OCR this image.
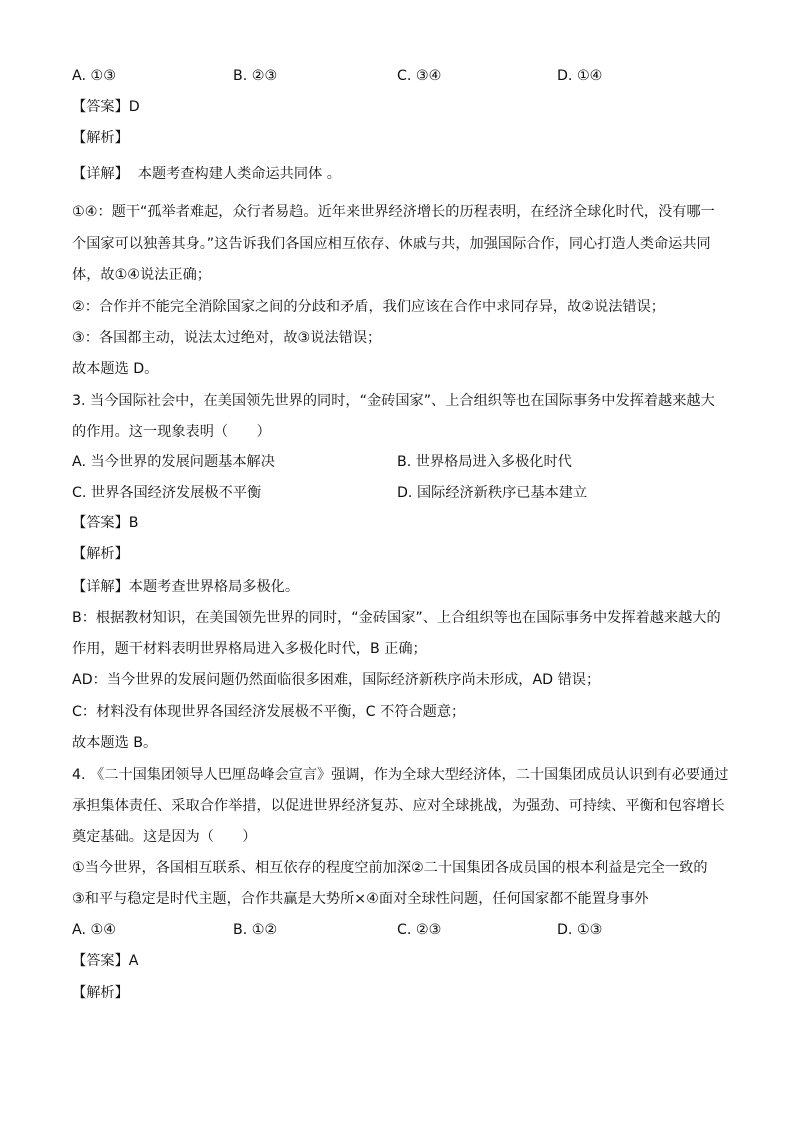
A. ①③	B. ②③	C. ③④	D. ①④
【答案】D
【解析】
【详解】 本题考查构建人类命运共同体 。
①④：题干“孤举者难起，众行者易趋。近年来世界经济增长的历程表明，在经济全球化时代，没有哪一
个国家可以独善其身。”这告诉我们各国应相互依存、休戚与共，加强国际合作，同心打造人类命运共同
体，故①④说法正确；
②：合作并不能完全消除国家之间的分歧和矛盾，我们应该在合作中求同存异，故②说法错误；
③：各国都主动，说法太过绝对，故③说法错误；
故本题选 D。
3. 当今国际社会中，在美国领先世界的同时，“金砖国家”、上合组织等也在国际事务中发挥着越来越大
的作用。这一现象表明（　　）
A. 当今世界的发展问题基本解决	B. 世界格局进入多极化时代
C. 世界各国经济发展极不平衡	D. 国际经济新秩序已基本建立
【答案】B
【解析】
【详解】本题考查世界格局多极化。
B：根据教材知识，在美国领先世界的同时，“金砖国家”、上合组织等也在国际事务中发挥着越来越大的
作用，题干材料表明世界格局进入多极化时代，B 正确；
AD：当今世界的发展问题仍然面临很多困难，国际经济新秩序尚未形成，AD 错误；
C：材料没有体现世界各国经济发展极不平衡，C 不符合题意；
故本题选 B。
4. 《二十国集团领导人巴厘岛峰会宣言》强调，作为全球大型经济体，二十国集团成员认识到有必要通过
承担集体责任、采取合作举措，以促进世界经济复苏、应对全球挑战，为强劲、可持续、平衡和包容增长
奠定基础。这是因为（　　）
①当今世界，各国相互联系、相互依存的程度空前加深②二十国集团各成员国的根本利益是完全一致的
③和平与稳定是时代主题，合作共赢是大势所×④面对全球性问题，任何国家都不能置身事外
A. ①④	B. ①②	C. ②③	D. ①③
【答案】A
【解析】
